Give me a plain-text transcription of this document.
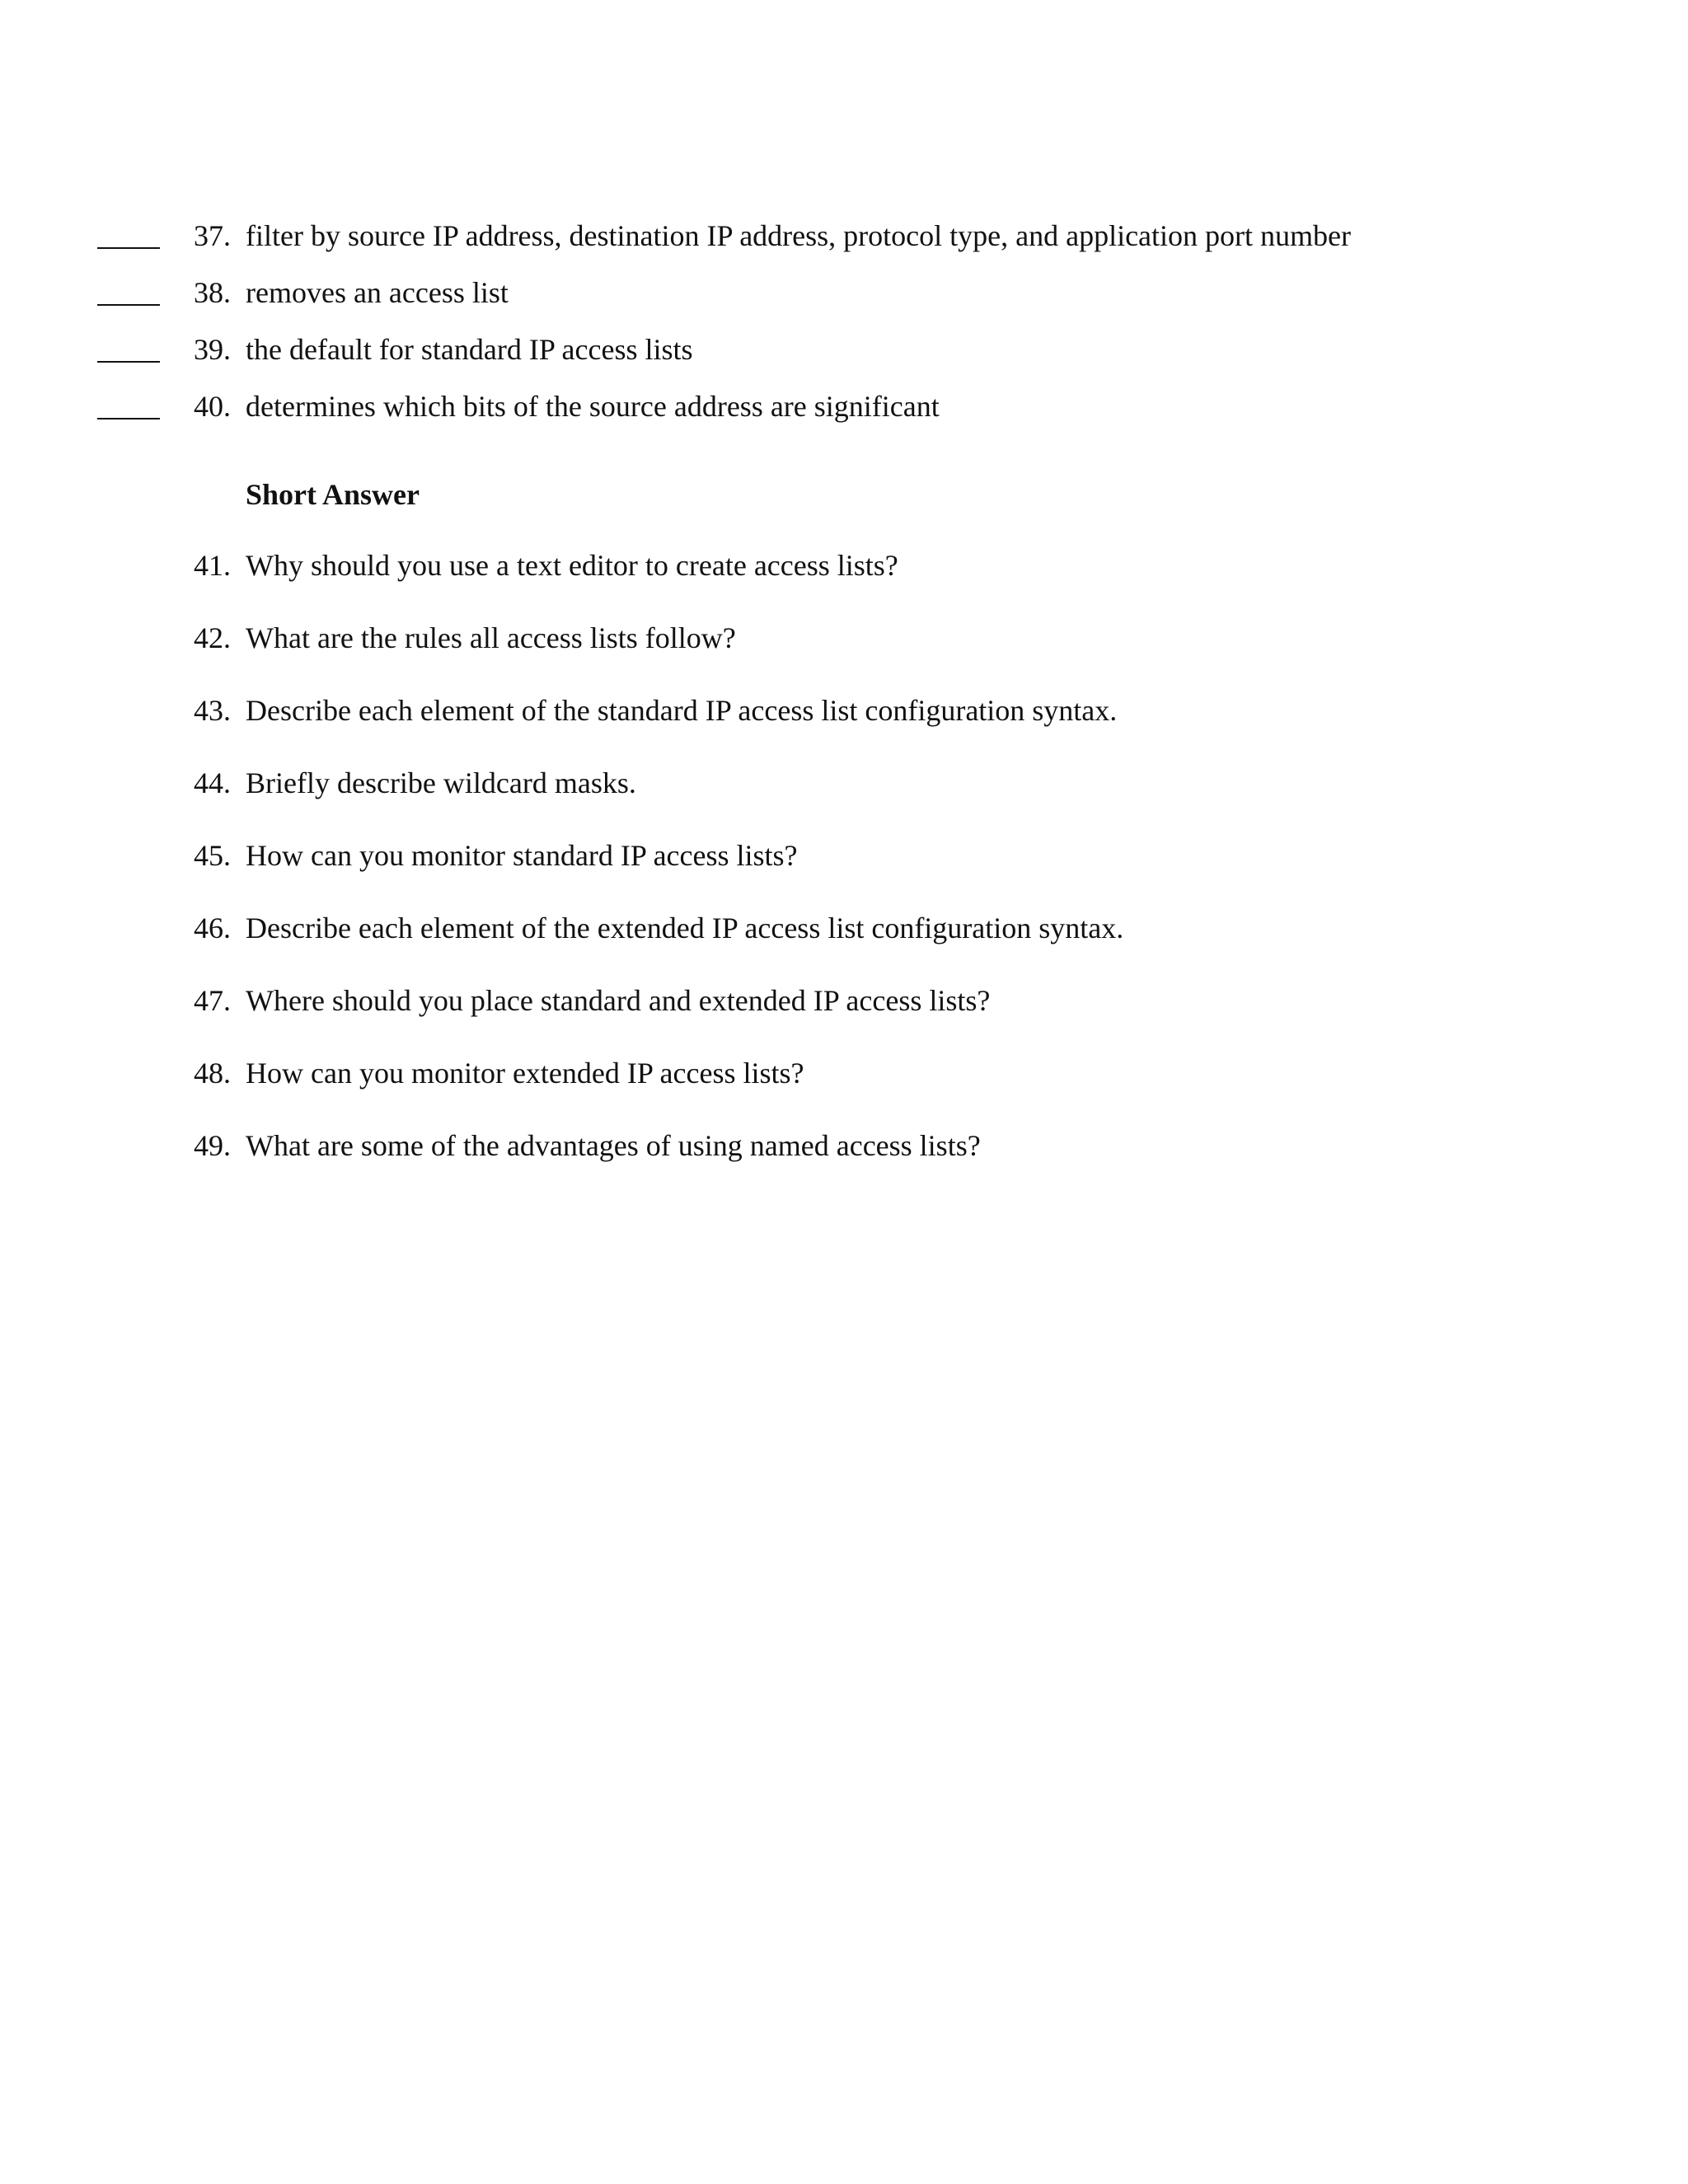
37. filter by source IP address, destination IP address, protocol type, and application port number
38. removes an access list
39. the default for standard IP access lists
40. determines which bits of the source address are significant
Short Answer
41. Why should you use a text editor to create access lists?
42. What are the rules all access lists follow?
43. Describe each element of the standard IP access list configuration syntax.
44. Briefly describe wildcard masks.
45. How can you monitor standard IP access lists?
46. Describe each element of the extended IP access list configuration syntax.
47. Where should you place standard and extended IP access lists?
48. How can you monitor extended IP access lists?
49. What are some of the advantages of using named access lists?
